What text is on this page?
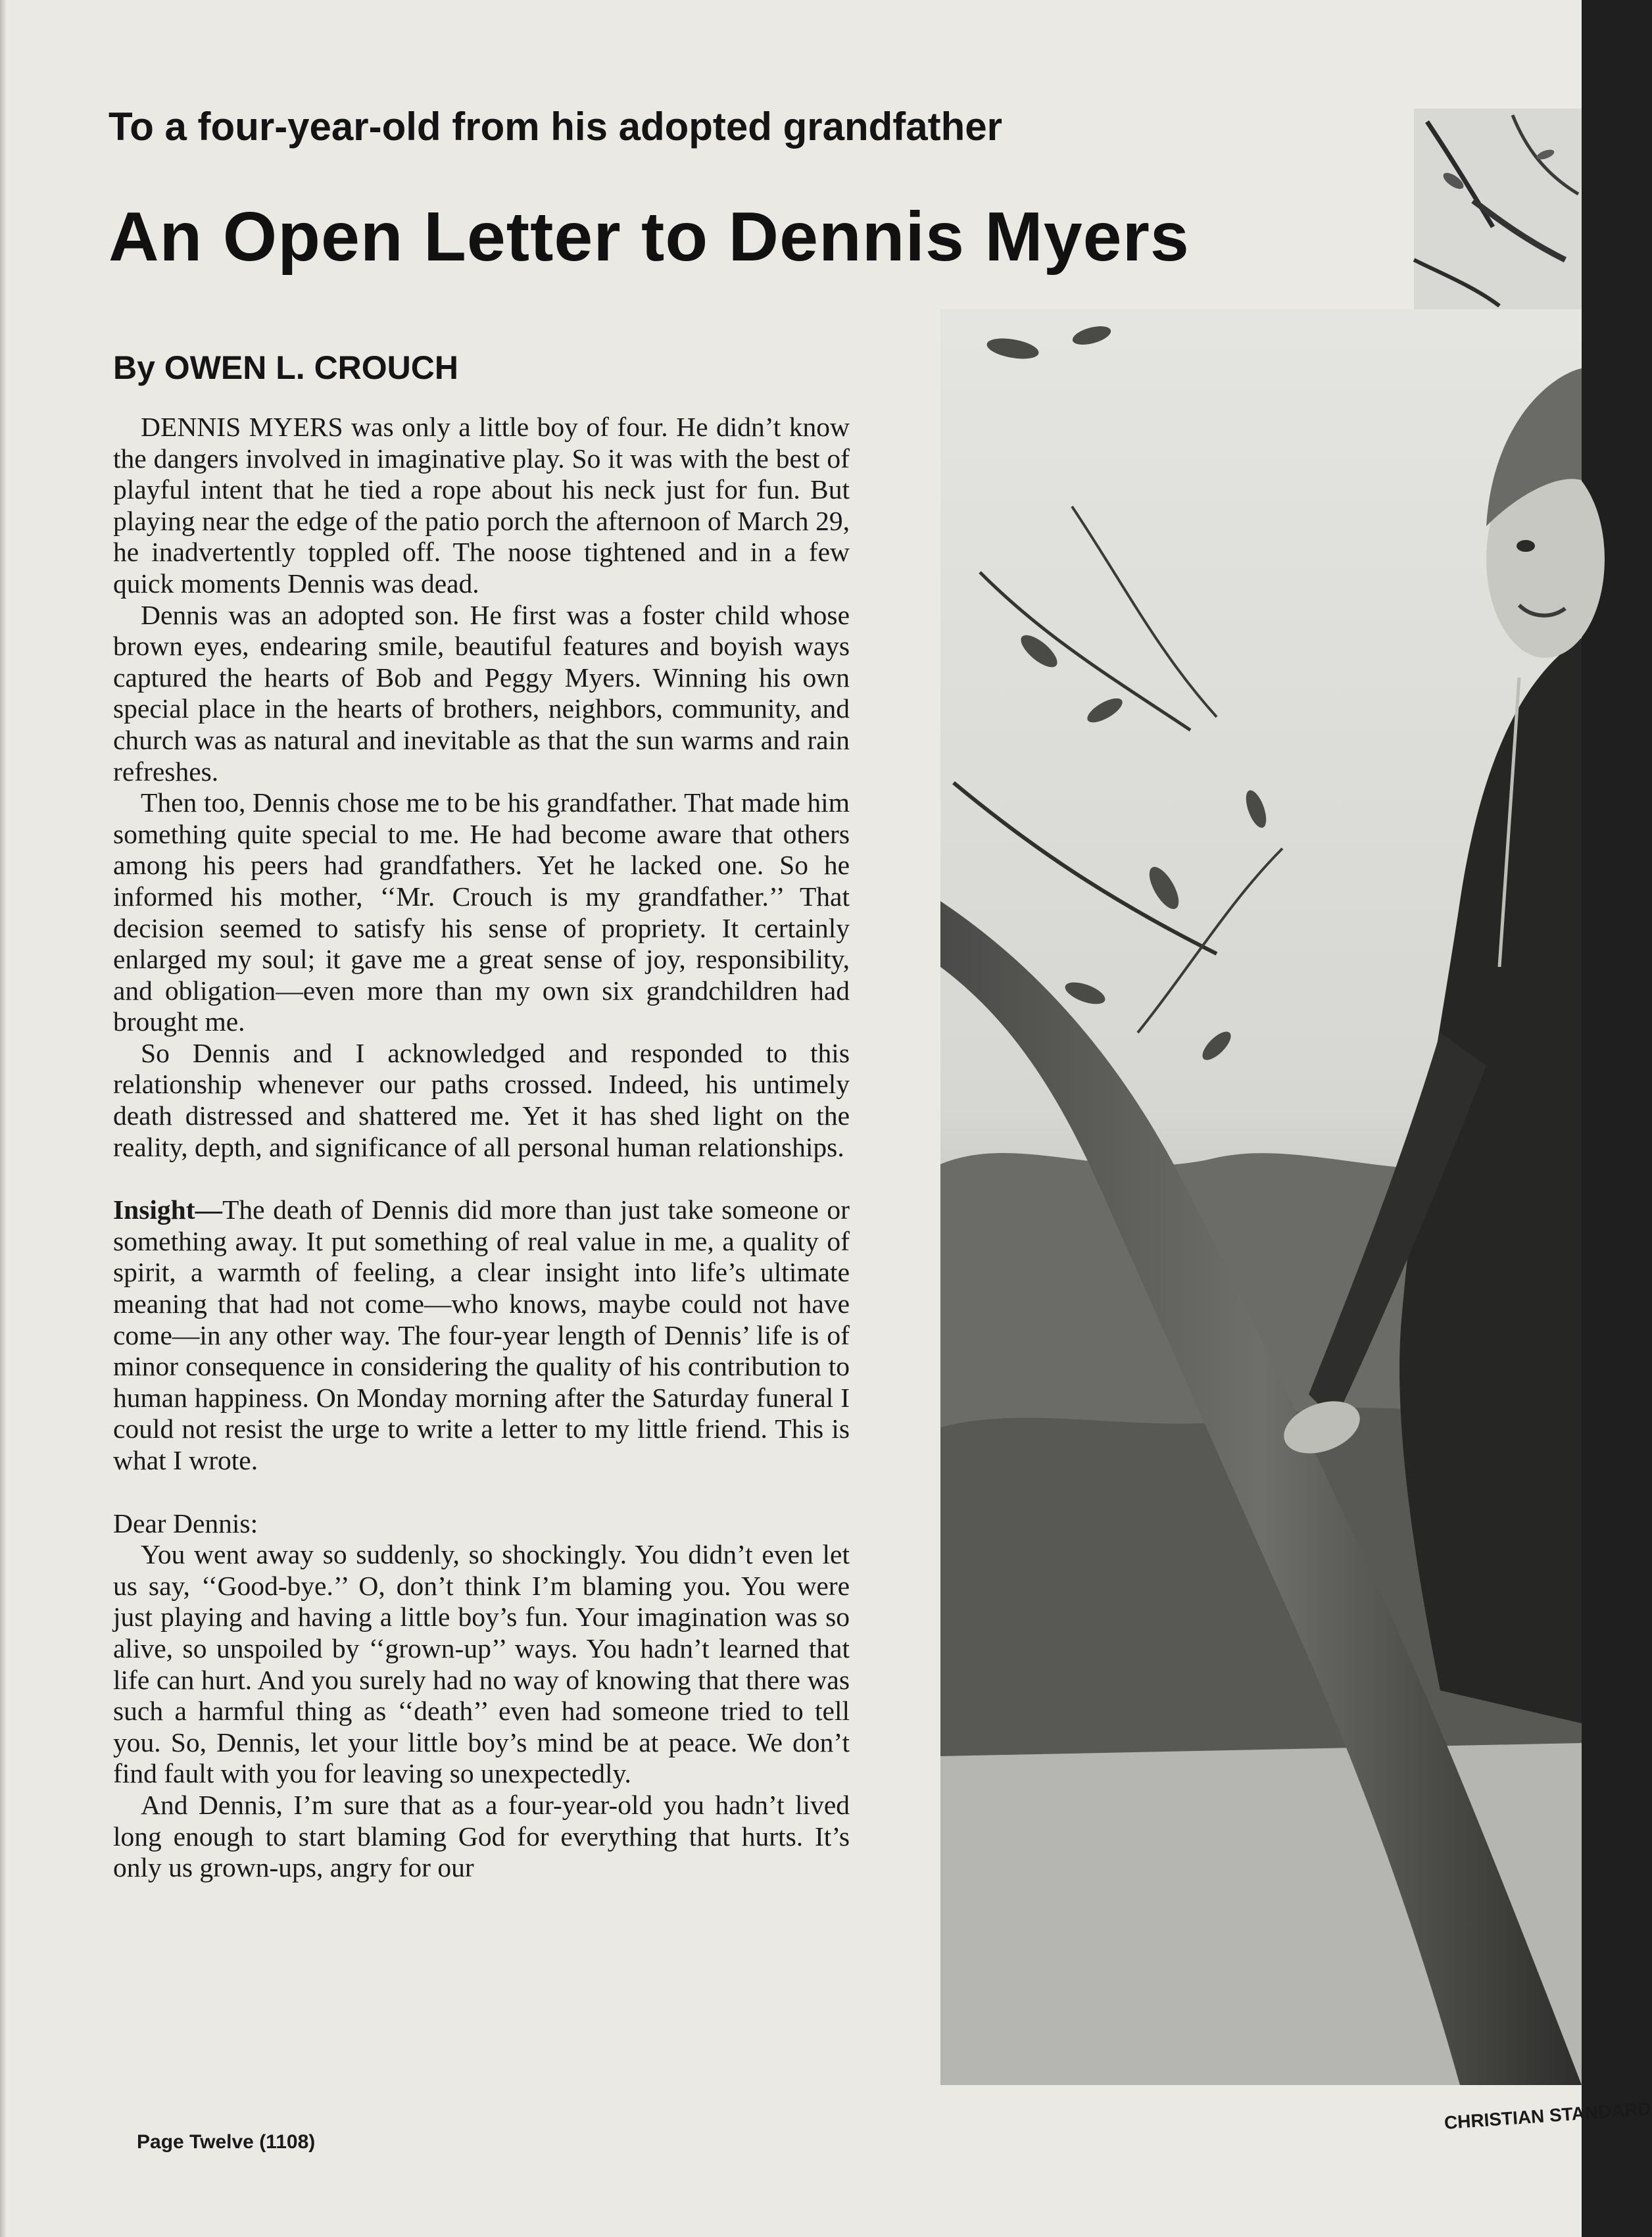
To a four-year-old from his adopted grandfather
An Open Letter to Dennis Myers
By OWEN L. CROUCH

DENNIS MYERS was only a little boy of four. He didn’t know the dangers involved in imaginative play. So it was with the best of playful intent that he tied a rope about his neck just for fun. But playing near the edge of the patio porch the afternoon of March 29, he inadvertently toppled off. The noose tightened and in a few quick moments Dennis was dead.

Dennis was an adopted son. He first was a foster child whose brown eyes, endearing smile, beautiful features and boyish ways captured the hearts of Bob and Peggy Myers. Winning his own special place in the hearts of brothers, neighbors, community, and church was as natural and inevitable as that the sun warms and rain refreshes.

Then too, Dennis chose me to be his grandfather. That made him something quite special to me. He had become aware that others among his peers had grandfathers. Yet he lacked one. So he informed his mother, ‘‘Mr. Crouch is my grandfather.’’ That decision seemed to satisfy his sense of propriety. It certainly enlarged my soul; it gave me a great sense of joy, responsibility, and obligation—even more than my own six grandchildren had brought me.

So Dennis and I acknowledged and responded to this relationship whenever our paths crossed. Indeed, his untimely death distressed and shattered me. Yet it has shed light on the reality, depth, and significance of all personal human relationships.

Insight—The death of Dennis did more than just take someone or something away. It put something of real value in me, a quality of spirit, a warmth of feeling, a clear insight into life’s ultimate meaning that had not come—who knows, maybe could not have come—in any other way. The four-year length of Dennis’ life is of minor consequence in considering the quality of his contribution to human happiness. On Monday morning after the Saturday funeral I could not resist the urge to write a letter to my little friend. This is what I wrote.

Dear Dennis:

You went away so suddenly, so shockingly. You didn’t even let us say, ‘‘Good-bye.’’ O, don’t think I’m blaming you. You were just playing and having a little boy’s fun. Your imagination was so alive, so unspoiled by ‘‘grown-up’’ ways. You hadn’t learned that life can hurt. And you surely had no way of knowing that there was such a harmful thing as ‘‘death’’ even had someone tried to tell you. So, Dennis, let your little boy’s mind be at peace. We don’t find fault with you for leaving so unexpectedly.

And Dennis, I’m sure that as a four-year-old you hadn’t lived long enough to start blaming God for everything that hurts. It’s only us grown-ups, angry for our

Page Twelve (1108)

CHRISTIAN STANDARD
